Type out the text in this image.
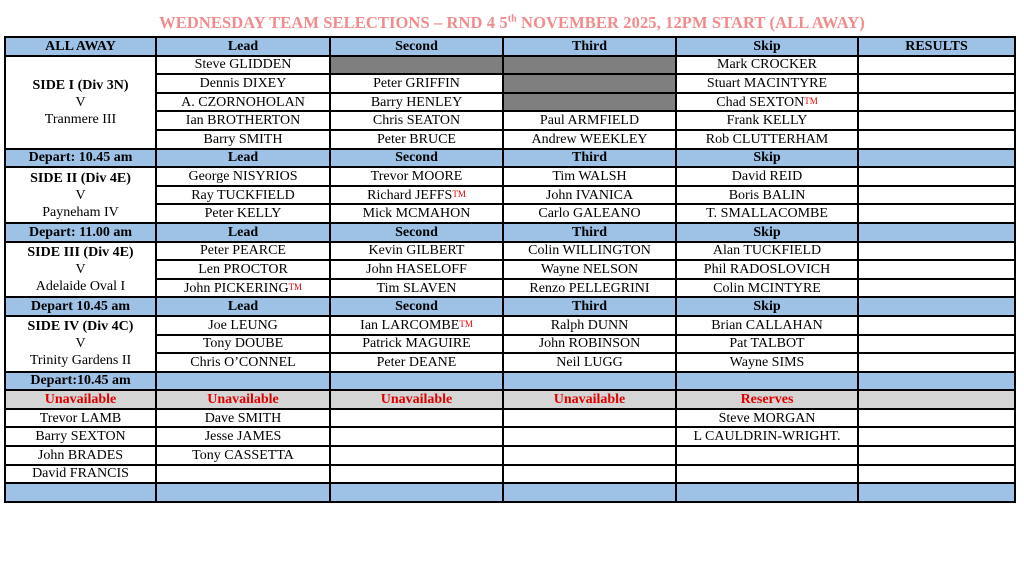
WEDNESDAY TEAM SELECTIONS – RND 4 5th NOVEMBER 2025, 12PM START (ALL AWAY)
ALL AWAY	Lead	Second	Third	Skip	RESULTS

SIDE I (Div 3N)
V
Tranmere III	Steve GLIDDEN			Mark CROCKER	
	Dennis DIXEY	Peter GRIFFIN		Stuart MACINTYRE	
	A. CZORNOHOLAN	Barry HENLEY		Chad SEXTON™	
	Ian BROTHERTON	Chris SEATON	Paul ARMFIELD	Frank KELLY	
	Barry SMITH	Peter BRUCE	Andrew WEEKLEY	Rob CLUTTERHAM	
Depart: 10.45 am	Lead	Second	Third	Skip	

SIDE II (Div 4E)
V
Payneham IV	George NISYRIOS	Trevor MOORE	Tim WALSH	David REID	
	Ray TUCKFIELD	Richard JEFFS™	John IVANICA	Boris BALIN	
	Peter KELLY	Mick MCMAHON	Carlo GALEANO	T. SMALLACOMBE	
Depart: 11.00 am	Lead	Second	Third	Skip	

SIDE III (Div 4E)
V
Adelaide Oval I	Peter PEARCE	Kevin GILBERT	Colin WILLINGTON	Alan TUCKFIELD	
	Len PROCTOR	John HASELOFF	Wayne NELSON	Phil RADOSLOVICH	
	John PICKERING™	Tim SLAVEN	Renzo PELLEGRINI	Colin MCINTYRE	
Depart 10.45 am	Lead	Second	Third	Skip	

SIDE IV (Div 4C)
V
Trinity Gardens II	Joe LEUNG	Ian LARCOMBE™	Ralph DUNN	Brian CALLAHAN	
	Tony DOUBE	Patrick MAGUIRE	John ROBINSON	Pat TALBOT	
	Chris O’CONNEL	Peter DEANE	Neil LUGG	Wayne SIMS	
Depart:10.45 am					
Unavailable	Unavailable	Unavailable	Unavailable	Reserves	
Trevor LAMB	Dave SMITH			Steve MORGAN	
Barry SEXTON	Jesse JAMES			L CAULDRIN-WRIGHT.	
John BRADES	Tony CASSETTA				
David FRANCIS					
